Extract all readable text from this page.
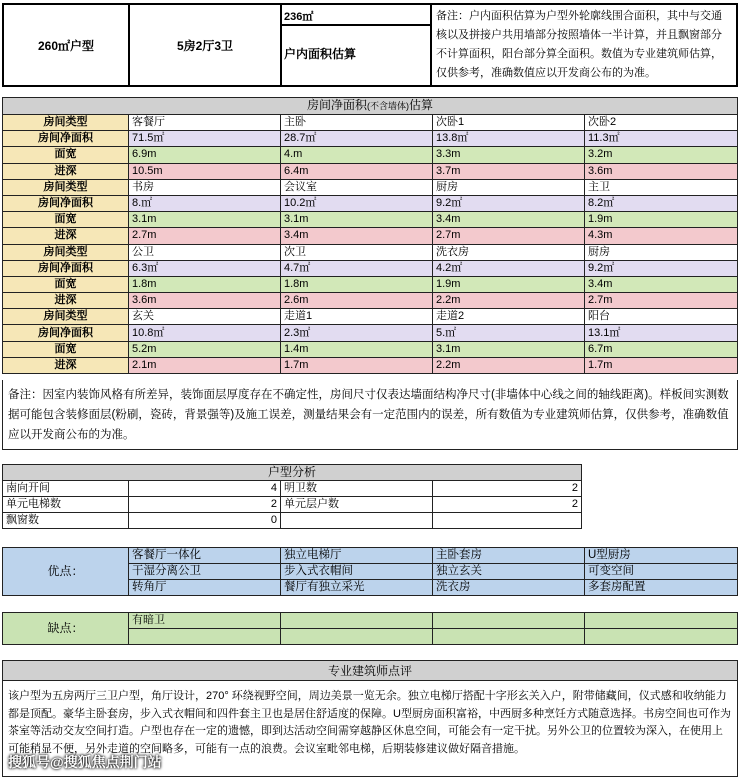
260㎡户型	5房2厅3卫	
236㎡
户内面积估算
	备注：户内面积估算为户型外轮廓线围合面积，其中与交通核以及拼接户共用墙部分按照墙体一半计算，并且飘窗部分不计算面积，阳台部分算全面积。数值为专业建筑师估算，仅供参考，准确数值应以开发商公布的为准。
房间净面积(不含墙体)估算				
房间类型	客餐厅	主卧	次卧1	次卧2
房间净面积	71.5㎡	28.7㎡	13.8㎡	11.3㎡
面宽	6.9m	4.m	3.3m	3.2m
进深	10.5m	6.4m	3.7m	3.6m
房间类型	书房	会议室	厨房	主卫
房间净面积	8.㎡	10.2㎡	9.2㎡	8.2㎡
面宽	3.1m	3.1m	3.4m	1.9m
进深	2.7m	3.4m	2.7m	4.3m
房间类型	公卫	次卫	洗衣房	厨房
房间净面积	6.3㎡	4.7㎡	4.2㎡	9.2㎡
面宽	1.8m	1.8m	1.9m	3.4m
进深	3.6m	2.6m	2.2m	2.7m
房间类型	玄关	走道1	走道2	阳台
房间净面积	10.8㎡	2.3㎡	5.㎡	13.1㎡
面宽	5.2m	1.4m	3.1m	6.7m
进深	2.1m	1.7m	2.2m	1.7m
备注：因室内装饰风格有所差异，装饰面层厚度存在不确定性，房间尺寸仅表达墙面结构净尺寸(非墙体中心线之间的轴线距离)。样板间实测数据可能包含装修面层(粉刷，瓷砖，背景强等)及施工误差，测量结果会有一定范围内的误差，所有数值为专业建筑师估算，仅供参考，准确数值应以开发商公布的为准。
户型分析			
南向开间	4	明卫数	2
单元电梯数	2	单元层户数	2
飘窗数	0		
优点：	客餐厅一体化	独立电梯厅	主卧套房	U型厨房
	干湿分离公卫	步入式衣帽间	独立玄关	可变空间
	转角厅	餐厅有独立采光	洗衣房	多套房配置
缺点：	有暗卫			

专业建筑师点评
该户型为五房两厅三卫户型，角厅设计，270° 环绕视野空间，周边美景一览无余。独立电梯厅搭配十字形玄关入户，附带储藏间，仪式感和收纳能力都是顶配。豪华主卧套房，步入式衣帽间和四件套主卫也是居住舒适度的保障。U型厨房面积富裕，中西厨多种烹饪方式随意选择。书房空间也可作为茶室等活动交友空间打造。户型也存在一定的遗憾，即到达活动空间需穿越静区休息空间，可能会有一定干扰。另外公卫的位置较为深入，在使用上可能稍显不便，另外走道的空间略多，可能有一点的浪费。会议室毗邻电梯，后期装修建议做好隔音措施。
搜狐号@搜狐焦点荆门站
